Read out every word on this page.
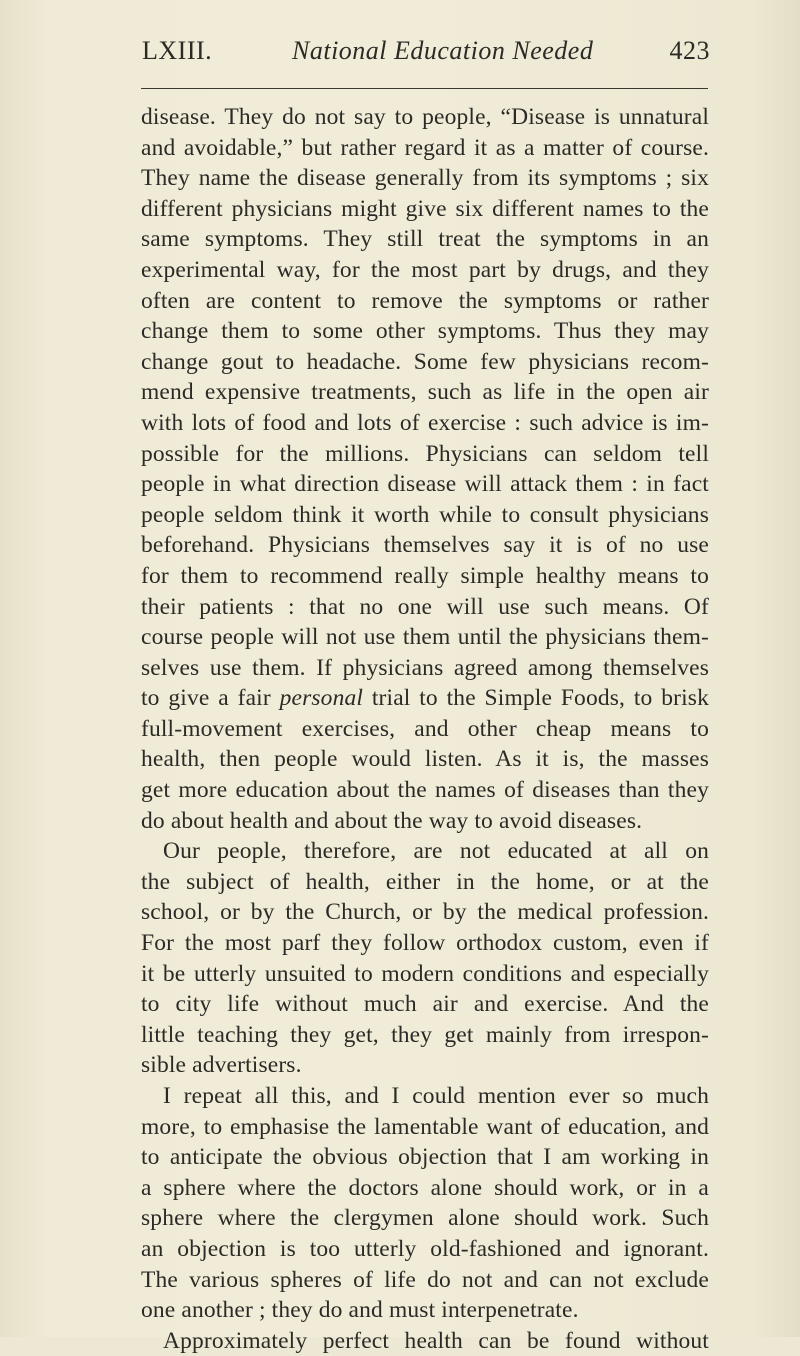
LXIII.	National Education Needed	423
disease. They do not say to people, “Disease is unnatural
and avoidable,” but rather regard it as a matter of course.
They name the disease generally from its symptoms ; six
different physicians might give six different names to the
same symptoms. They still treat the symptoms in an
experimental way, for the most part by drugs, and they
often are content to remove the symptoms or rather
change them to some other symptoms. Thus they may
change gout to headache. Some few physicians recom-
mend expensive treatments, such as life in the open air
with lots of food and lots of exercise : such advice is im-
possible for the millions. Physicians can seldom tell
people in what direction disease will attack them : in fact
people seldom think it worth while to consult physicians
beforehand. Physicians themselves say it is of no use
for them to recommend really simple healthy means to
their patients : that no one will use such means. Of
course people will not use them until the physicians them-
selves use them. If physicians agreed among themselves
to give a fair personal trial to the Simple Foods, to brisk
full-movement exercises, and other cheap means to
health, then people would listen. As it is, the masses
get more education about the names of diseases than they
do about health and about the way to avoid diseases.
Our people, therefore, are not educated at all on
the subject of health, either in the home, or at the
school, or by the Church, or by the medical profession.
For the most parf they follow orthodox custom, even if
it be utterly unsuited to modern conditions and especially
to city life without much air and exercise. And the
little teaching they get, they get mainly from irrespon-
sible advertisers.
I repeat all this, and I could mention ever so much
more, to emphasise the lamentable want of education, and
to anticipate the obvious objection that I am working in
a sphere where the doctors alone should work, or in a
sphere where the clergymen alone should work. Such
an objection is too utterly old-fashioned and ignorant.
The various spheres of life do not and can not exclude
one another ; they do and must interpenetrate.
Approximately perfect health can be found without
